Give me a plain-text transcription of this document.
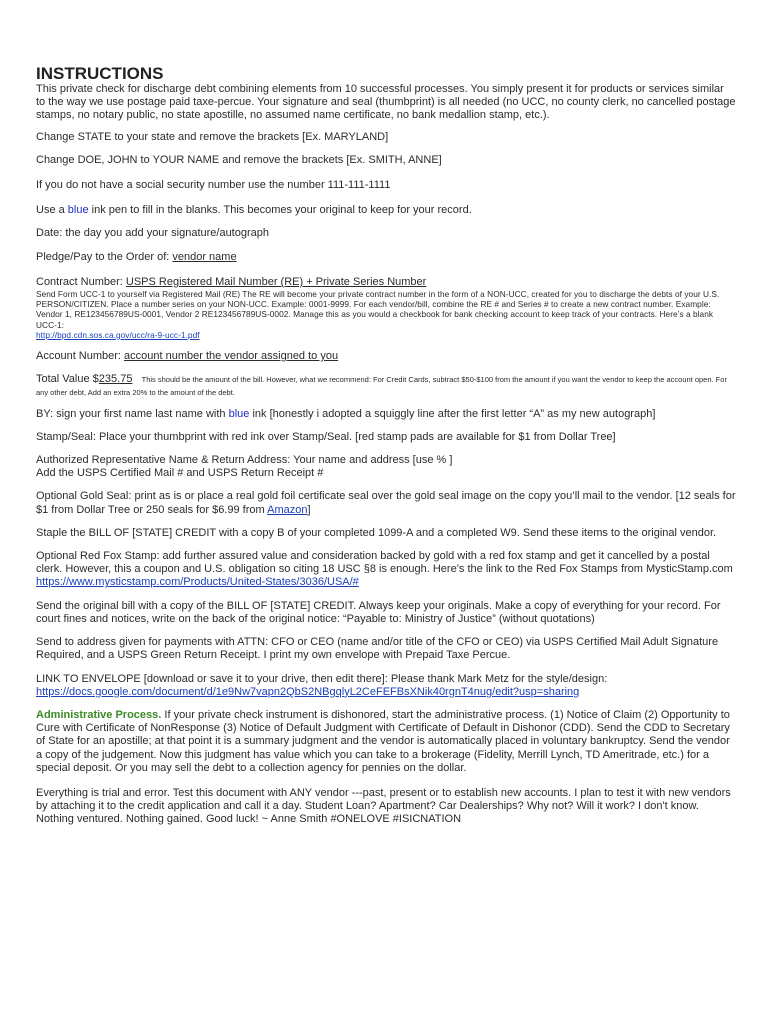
INSTRUCTIONS

This private check for discharge debt combining elements from 10 successful processes. You simply present it for products or services similar to the way we use postage paid taxe-percue. Your signature and seal (thumbprint) is all needed (no UCC, no county clerk, no cancelled postage stamps, no notary public, no state apostille, no assumed name certificate, no bank medallion stamp, etc.).

Change STATE to your state and remove the brackets [Ex. MARYLAND]

Change DOE, JOHN to YOUR NAME and remove the brackets [Ex. SMITH, ANNE]

If you do not have a social security number use the number 111-111-1111

Use a blue ink pen to fill in the blanks. This becomes your original to keep for your record.

Date: the day you add your signature/autograph

Pledge/Pay to the Order of: vendor name

Contract Number: USPS Registered Mail Number (RE) + Private Series Number

Send Form UCC-1 to yourself via Registered Mail (RE) The RE will become your private contract number in the form of a NON-UCC, created for you to discharge the debts of your U.S. PERSON/CITIZEN. Place a number series on your NON-UCC. Example: 0001-9999. For each vendor/bill, combine the RE # and Series # to create a new contract number. Example: Vendor 1, RE123456789US-0001, Vendor 2 RE123456789US-0002. Manage this as you would a checkbook for bank checking account to keep track of your contracts. Here’s a blank UCC-1:

http://bpd.cdn.sos.ca.gov/ucc/ra-9-ucc-1.pdf

Account Number: account number the vendor assigned to you

Total Value $235.75 This should be the amount of the bill. However, what we recommend: For Credit Cards, subtract $50-$100 from the amount if you want the vendor to keep the account open. For any other debt, Add an extra 20% to the amount of the debt.

BY: sign your first name last name with blue ink [honestly i adopted a squiggly line after the first letter “A” as my new autograph]

Stamp/Seal: Place your thumbprint with red ink over Stamp/Seal. [red stamp pads are available for $1 from Dollar Tree]

Authorized Representative Name & Return Address: Your name and address [use % ]

Add the USPS Certified Mail # and USPS Return Receipt #

Optional Gold Seal: print as is or place a real gold foil certificate seal over the gold seal image on the copy you’ll mail to the vendor. [12 seals for $1 from Dollar Tree or 250 seals for $6.99 from Amazon]

Staple the BILL OF [STATE] CREDIT with a copy B of your completed 1099-A and a completed W9. Send these items to the original vendor.

Optional Red Fox Stamp: add further assured value and consideration backed by gold with a red fox stamp and get it cancelled by a postal clerk. However, this a coupon and U.S. obligation so citing 18 USC §8 is enough. Here’s the link to the Red Fox Stamps from MysticStamp.com https://www.mysticstamp.com/Products/United-States/3036/USA/#

Send the original bill with a copy of the BILL OF [STATE] CREDIT. Always keep your originals. Make a copy of everything for your record. For court fines and notices, write on the back of the original notice: “Payable to: Ministry of Justice” (without quotations)

Send to address given for payments with ATTN: CFO or CEO (name and/or title of the CFO or CEO) via USPS Certified Mail Adult Signature Required, and a USPS Green Return Receipt. I print my own envelope with Prepaid Taxe Percue.

LINK TO ENVELOPE [download or save it to your drive, then edit there]: Please thank Mark Metz for the style/design:

https://docs.google.com/document/d/1e9Nw7vapn2QbS2NBgqlyL2CeFEFBsXNik40rgnT4nug/edit?usp=sharing

Administrative Process. If your private check instrument is dishonored, start the administrative process. (1) Notice of Claim (2) Opportunity to Cure with Certificate of NonResponse (3) Notice of Default Judgment with Certificate of Default in Dishonor (CDD). Send the CDD to Secretary of State for an apostille; at that point it is a summary judgment and the vendor is automatically placed in voluntary bankruptcy. Send the vendor a copy of the judgement. Now this judgment has value which you can take to a brokerage (Fidelity, Merrill Lynch, TD Ameritrade, etc.) for a special deposit. Or you may sell the debt to a collection agency for pennies on the dollar.

Everything is trial and error. Test this document with ANY vendor ---past, present or to establish new accounts. I plan to test it with new vendors by attaching it to the credit application and call it a day. Student Loan? Apartment? Car Dealerships? Why not? Will it work? I don't know. Nothing ventured. Nothing gained. Good luck! ~ Anne Smith #ONELOVE #ISICNATION
